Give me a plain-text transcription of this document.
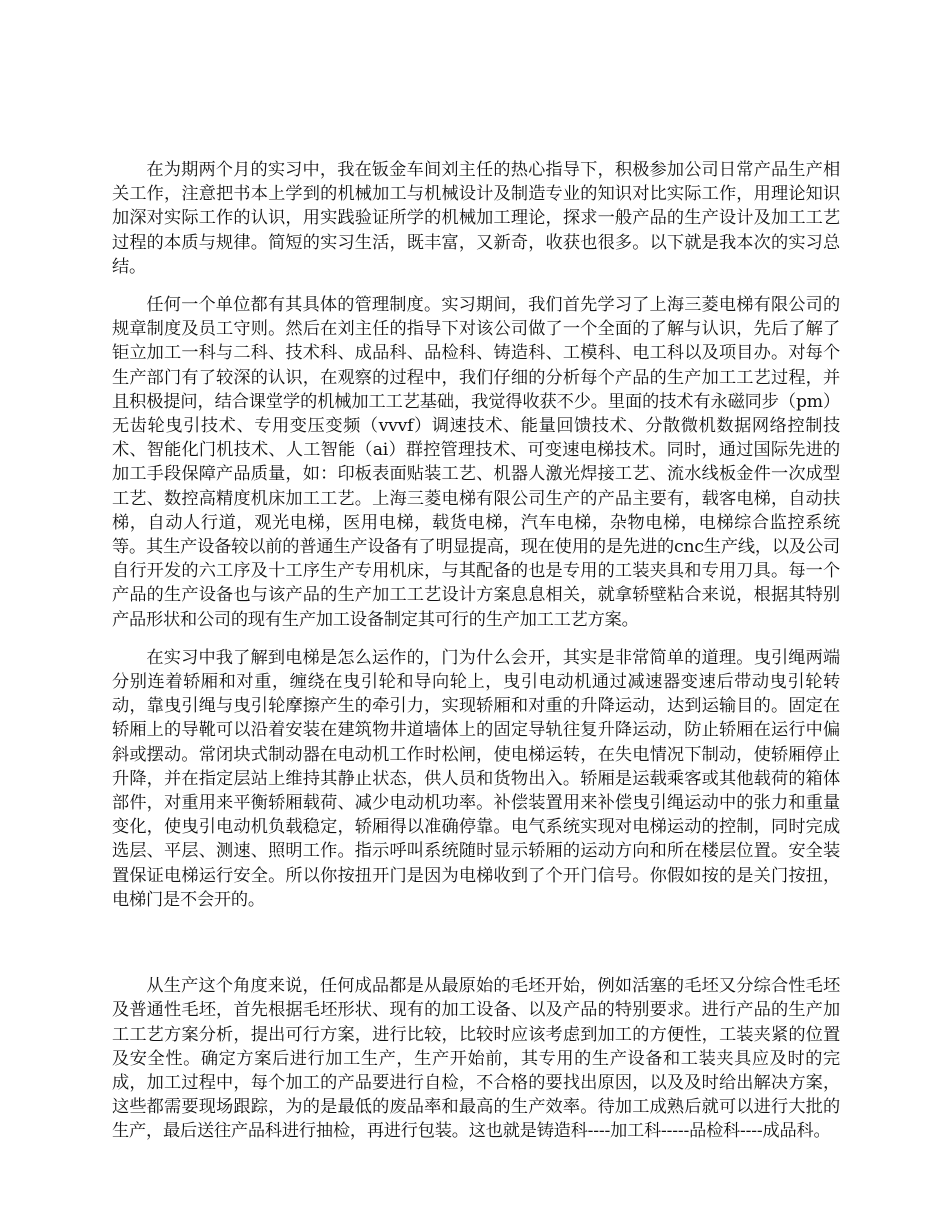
在为期两个月的实习中，我在钣金车间刘主任的热心指导下，积极参加公司日常产品生产相关工作，注意把书本上学到的机械加工与机械设计及制造专业的知识对比实际工作，用理论知识加深对实际工作的认识，用实践验证所学的机械加工理论，探求一般产品的生产设计及加工工艺过程的本质与规律。简短的实习生活，既丰富，又新奇，收获也很多。以下就是我本次的实习总结。

任何一个单位都有其具体的管理制度。实习期间，我们首先学习了上海三菱电梯有限公司的规章制度及员工守则。然后在刘主任的指导下对该公司做了一个全面的了解与认识，先后了解了钜立加工一科与二科、技术科、成品科、品检科、铸造科、工模科、电工科以及项目办。对每个生产部门有了较深的认识，在观察的过程中，我们仔细的分析每个产品的生产加工工艺过程，并且积极提问，结合课堂学的机械加工工艺基础，我觉得收获不少。里面的技术有永磁同步（pm）无齿轮曳引技术、专用变压变频（vvvf）调速技术、能量回馈技术、分散微机数据网络控制技术、智能化门机技术、人工智能（ai）群控管理技术、可变速电梯技术。同时，通过国际先进的加工手段保障产品质量，如：印板表面贴装工艺、机器人激光焊接工艺、流水线板金件一次成型工艺、数控高精度机床加工工艺。上海三菱电梯有限公司生产的产品主要有，载客电梯，自动扶梯，自动人行道，观光电梯，医用电梯，载货电梯，汽车电梯，杂物电梯，电梯综合监控系统等。其生产设备较以前的普通生产设备有了明显提高，现在使用的是先进的cnc生产线，以及公司自行开发的六工序及十工序生产专用机床，与其配备的也是专用的工装夹具和专用刀具。每一个产品的生产设备也与该产品的生产加工工艺设计方案息息相关，就拿轿壁粘合来说，根据其特别产品形状和公司的现有生产加工设备制定其可行的生产加工工艺方案。

在实习中我了解到电梯是怎么运作的，门为什么会开，其实是非常简单的道理。曳引绳两端分别连着轿厢和对重，缠绕在曳引轮和导向轮上，曳引电动机通过减速器变速后带动曳引轮转动，靠曳引绳与曳引轮摩擦产生的牵引力，实现轿厢和对重的升降运动，达到运输目的。固定在轿厢上的导靴可以沿着安装在建筑物井道墙体上的固定导轨往复升降运动，防止轿厢在运行中偏斜或摆动。常闭块式制动器在电动机工作时松闸，使电梯运转，在失电情况下制动，使轿厢停止升降，并在指定层站上维持其静止状态，供人员和货物出入。轿厢是运载乘客或其他载荷的箱体部件，对重用来平衡轿厢载荷、减少电动机功率。补偿装置用来补偿曳引绳运动中的张力和重量变化，使曳引电动机负载稳定，轿厢得以准确停靠。电气系统实现对电梯运动的控制，同时完成选层、平层、测速、照明工作。指示呼叫系统随时显示轿厢的运动方向和所在楼层位置。安全装置保证电梯运行安全。所以你按扭开门是因为电梯收到了个开门信号。你假如按的是关门按扭，电梯门是不会开的。

从生产这个角度来说，任何成品都是从最原始的毛坯开始，例如活塞的毛坯又分综合性毛坯及普通性毛坯，首先根据毛坯形状、现有的加工设备、以及产品的特别要求。进行产品的生产加工工艺方案分析，提出可行方案，进行比较，比较时应该考虑到加工的方便性，工装夹紧的位置及安全性。确定方案后进行加工生产，生产开始前，其专用的生产设备和工装夹具应及时的完成，加工过程中，每个加工的产品要进行自检，不合格的要找出原因，以及及时给出解决方案，这些都需要现场跟踪，为的是最低的废品率和最高的生产效率。待加工成熟后就可以进行大批的生产，最后送往产品科进行抽检，再进行包装。这也就是铸造科----加工科-----品检科----成品科。
